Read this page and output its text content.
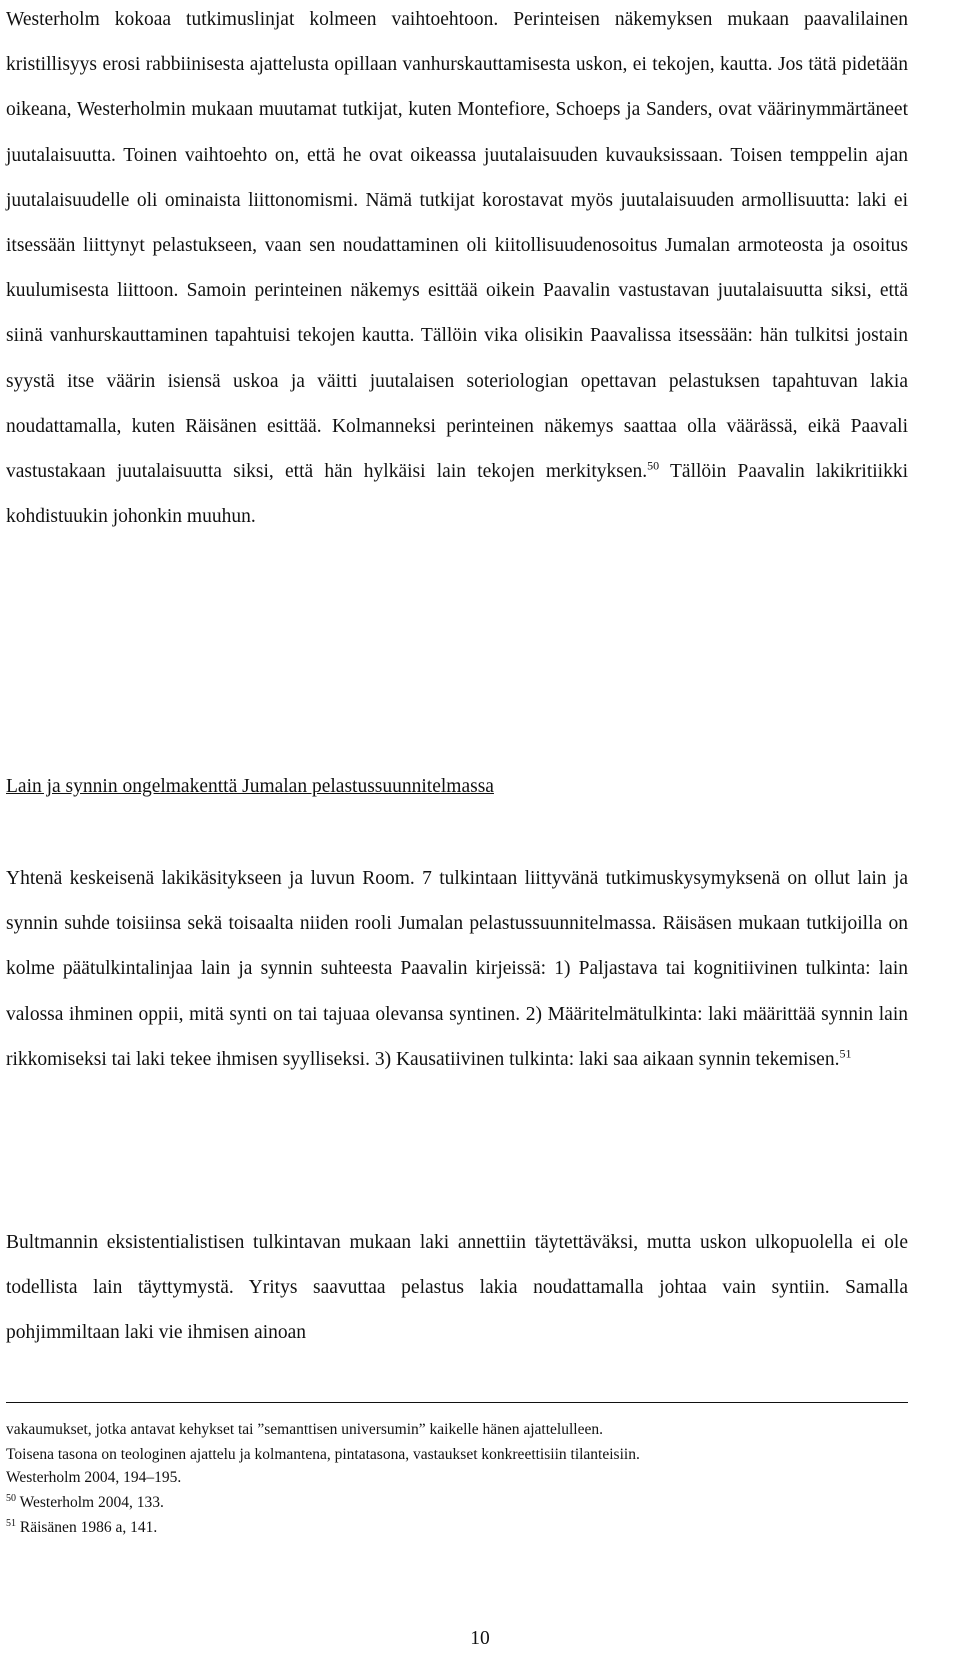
Westerholm kokoaa tutkimuslinjat kolmeen vaihtoehtoon. Perinteisen näkemyksen mukaan paavalilainen kristillisyys erosi rabbiinisesta ajattelusta opillaan vanhurskauttamisesta uskon, ei tekojen, kautta. Jos tätä pidetään oikeana, Westerholmin mukaan muutamat tutkijat, kuten Montefiore, Schoeps ja Sanders, ovat väärinymmärtäneet juutalaisuutta. Toinen vaihtoehto on, että he ovat oikeassa juutalaisuuden kuvauksissaan. Toisen temppelin ajan juutalaisuudelle oli ominaista liittonomismi. Nämä tutkijat korostavat myös juutalaisuuden armollisuutta: laki ei itsessään liittynyt pelastukseen, vaan sen noudattaminen oli kiitollisuudenosoitus Jumalan armoteosta ja osoitus kuulumisesta liittoon. Samoin perinteinen näkemys esittää oikein Paavalin vastustavan juutalaisuutta siksi, että siinä vanhurskauttaminen tapahtuisi tekojen kautta. Tällöin vika olisikin Paavalissa itsessään: hän tulkitsi jostain syystä itse väärin isiensä uskoa ja väitti juutalaisen soteriologian opettavan pelastuksen tapahtuvan lakia noudattamalla, kuten Räisänen esittää. Kolmanneksi perinteinen näkemys saattaa olla väärässä, eikä Paavali vastustakaan juutalaisuutta siksi, että hän hylkäisi lain tekojen merkityksen.$^{50}$ Tällöin Paavalin lakikritiikki kohdistuukin johonkin muuhun.

Lain ja synnin ongelmakenttä Jumalan pelastussuunnitelmassa

Yhtenä keskeisenä lakikäsitykseen ja luvun Room. 7 tulkintaan liittyvänä tutkimuskysymyksenä on ollut lain ja synnin suhde toisiinsa sekä toisaalta niiden rooli Jumalan pelastussuunnitelmassa. Räisäsen mukaan tutkijoilla on kolme päätulkintalinjaa lain ja synnin suhteesta Paavalin kirjeissä: 1) Paljastava tai kognitiivinen tulkinta: lain valossa ihminen oppii, mitä synti on tai tajuaa olevansa syntinen. 2) Määritelmätulkinta: laki määrittää synnin lain rikkomiseksi tai laki tekee ihmisen syylliseksi. 3) Kausatiivinen tulkinta: laki saa aikaan synnin tekemisen.$^{51}$

Bultmannin eksistentialistisen tulkintavan mukaan laki annettiin täytettäväksi, mutta uskon ulkopuolella ei ole todellista lain täyttymystä. Yritys saavuttaa pelastus lakia noudattamalla johtaa vain syntiin. Samalla pohjimmiltaan laki vie ihmisen ainoan

vakaumukset, jotka antavat kehykset tai ”semanttisen universumin” kaikelle hänen ajattelulleen.

Toisena tasona on teologinen ajattelu ja kolmantena, pintatasona, vastaukset konkreettisiin tilanteisiin.

Westerholm 2004, 194–195.

$^{50}$ Westerholm 2004, 133.

$^{51}$ Räisänen 1986 a, 141.

10
